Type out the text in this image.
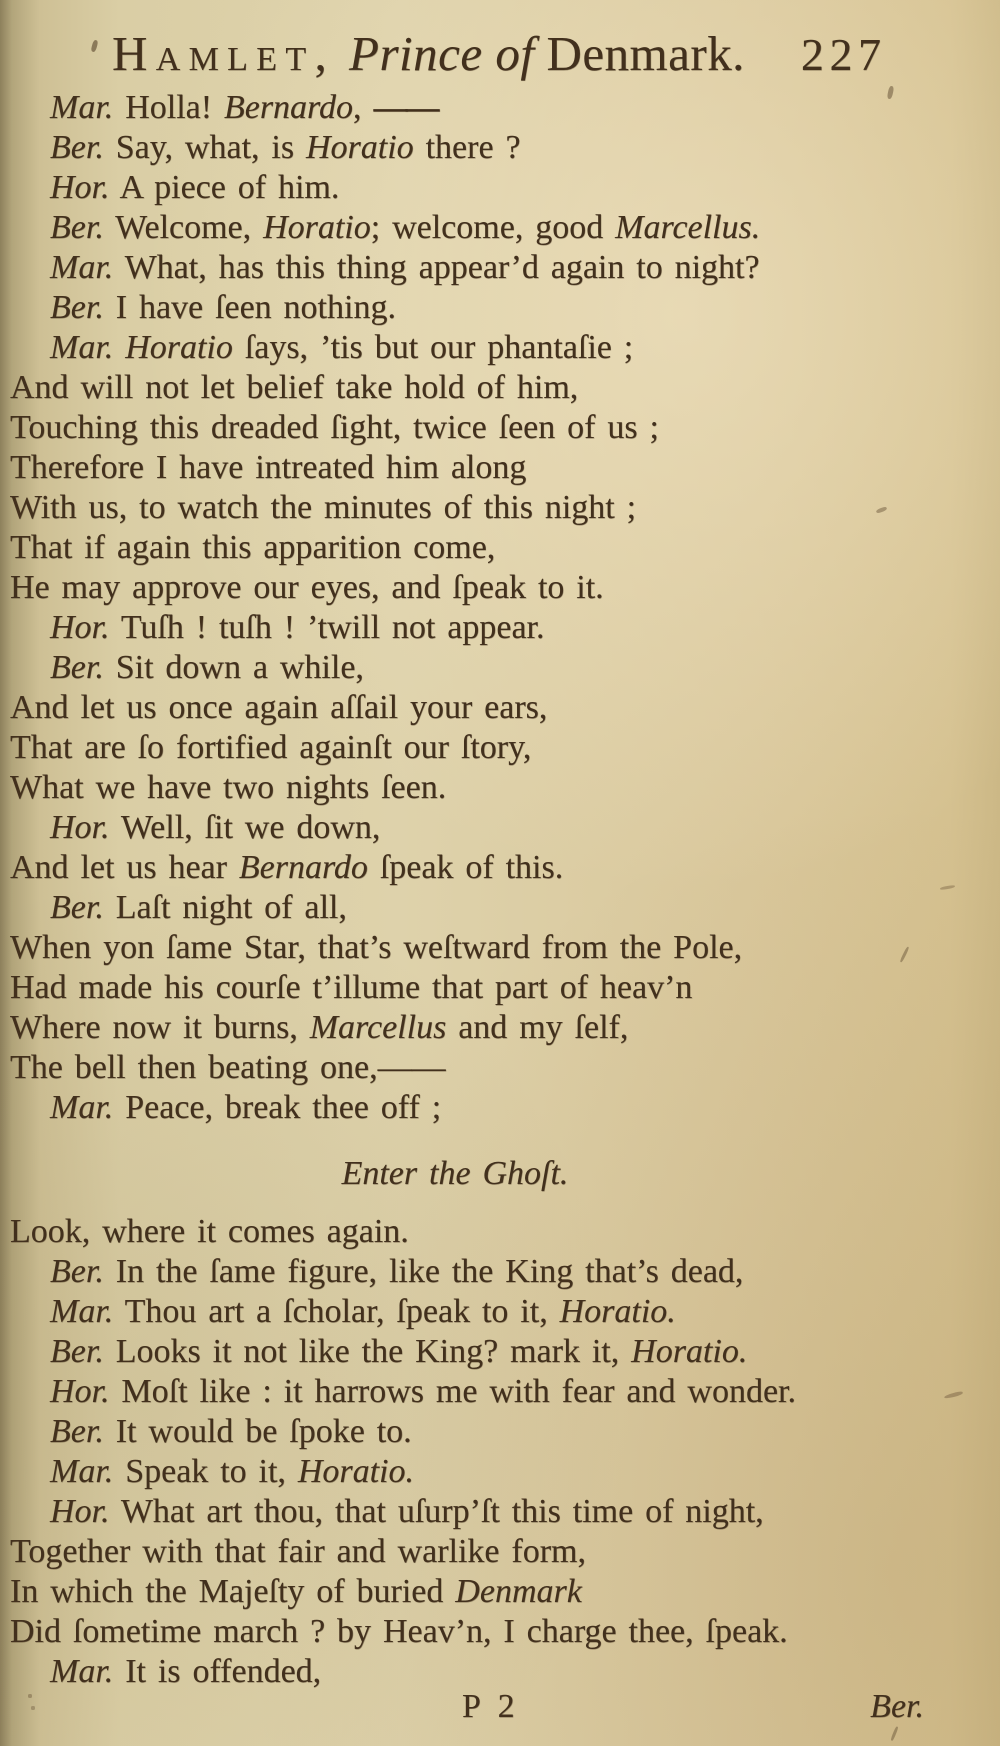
Hamlet, Prince of Denmark. 227

Mar. Holla! Bernardo, ——

Ber. Say, what, is Horatio there ?

Hor. A piece of him.

Ber. Welcome, Horatio; welcome, good Marcellus.

Mar. What, has this thing appear’d again to night?

Ber. I have ſeen nothing.

Mar. Horatio ſays, ’tis but our phantaſie ;

And will not let belief take hold of him,

Touching this dreaded ſight, twice ſeen of us ;

Therefore I have intreated him along

With us, to watch the minutes of this night ;

That if again this apparition come,

He may approve our eyes, and ſpeak to it.

Hor. Tuſh ! tuſh ! ’twill not appear.

Ber. Sit down a while,

And let us once again aſſail your ears,

That are ſo fortified againſt our ſtory,

What we have two nights ſeen.

Hor. Well, ſit we down,

And let us hear Bernardo ſpeak of this.

Ber. Laſt night of all,

When yon ſame Star, that’s weſtward from the Pole,

Had made his courſe t’illume that part of heav’n

Where now it burns, Marcellus and my ſelf,

The bell then beating one,——

Mar. Peace, break thee off ;

Enter the Ghoſt.

Look, where it comes again.

Ber. In the ſame figure, like the King that’s dead,

Mar. Thou art a ſcholar, ſpeak to it, Horatio.

Ber. Looks it not like the King? mark it, Horatio.

Hor. Moſt like : it harrows me with fear and wonder.

Ber. It would be ſpoke to.

Mar. Speak to it, Horatio.

Hor. What art thou, that uſurp’ſt this time of night,

Together with that fair and warlike form,

In which the Majeſty of buried Denmark

Did ſometime march ? by Heav’n, I charge thee, ſpeak.

Mar. It is offended,

P 2	Ber.
